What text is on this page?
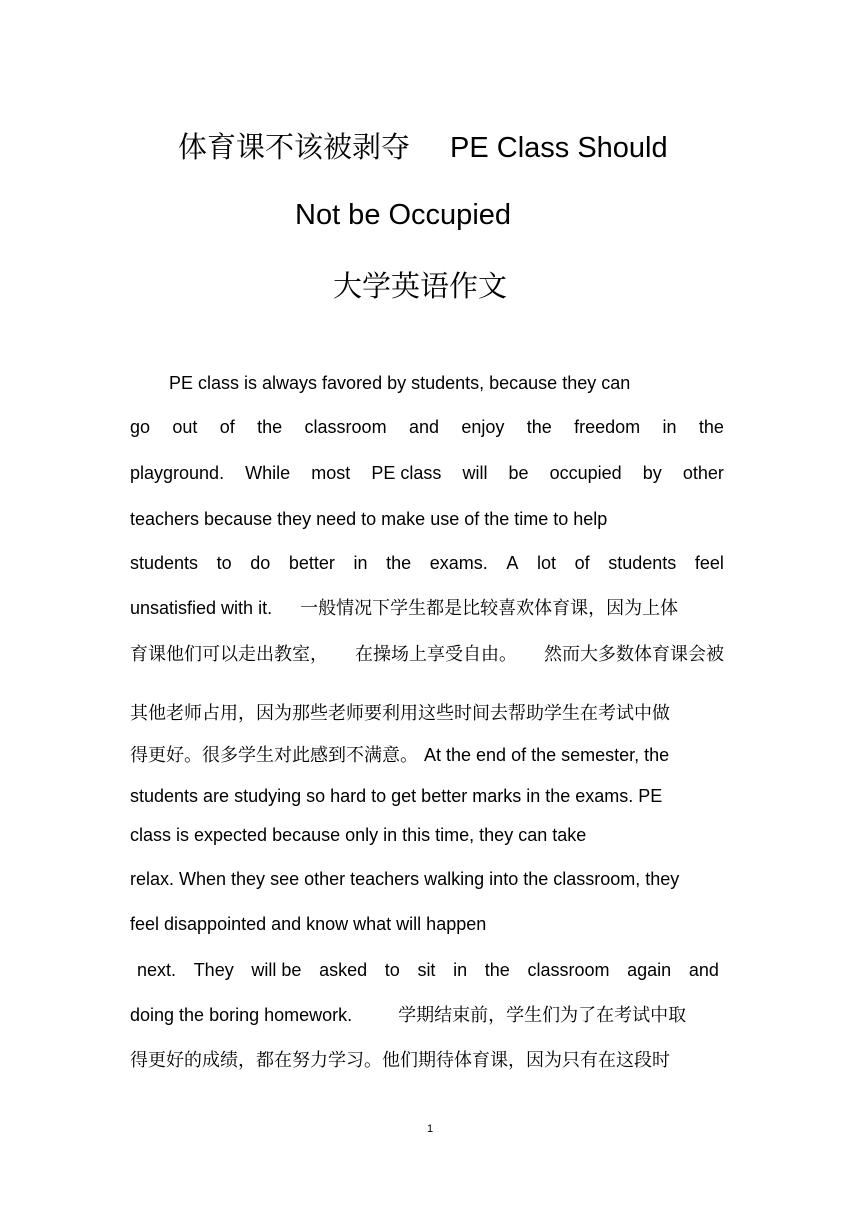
体育课不该被剥夺 PE Class Should
Not be Occupied
大学英语作文
PE class is always favored by students, because they can
go out of the classroom and enjoy the freedom in the
playground. While most PE class will be occupied by other
teachers because they need to make use of the time to help
students to do better in the exams. A lot of students feel
unsatisfied with it. 一般情况下学生都是比较喜欢体育课，因为上体
育课他们可以走出教室， 在操场上享受自由。 然而大多数体育课会被
其他老师占用，因为那些老师要利用这些时间去帮助学生在考试中做
得更好。很多学生对此感到不满意。 At the end of the semester, the
students are studying so hard to get better marks in the exams. PE
class is expected because only in this time, they can take
relax. When they see other teachers walking into the classroom, they
feel disappointed and know what will happen
next. They will be asked to sit in the classroom again and
doing the boring homework.	学期结束前，学生们为了在考试中取
得更好的成绩，都在努力学习。他们期待体育课，因为只有在这段时
1
